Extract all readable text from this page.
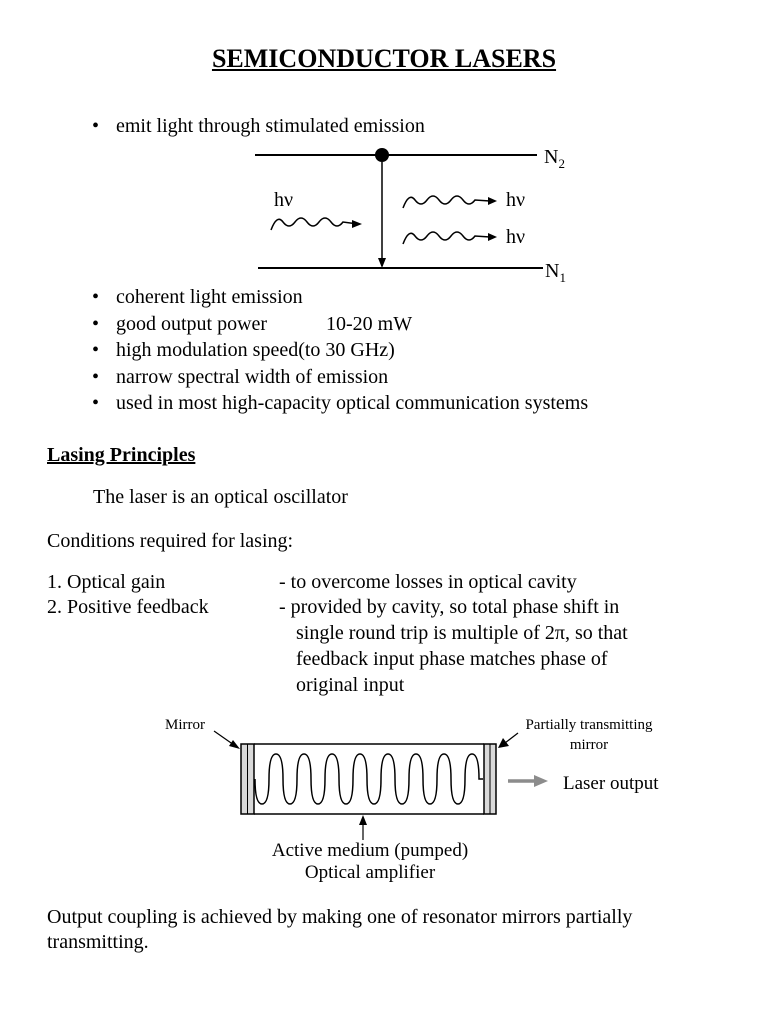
SEMICONDUCTOR LASERS
• emit light through stimulated emission
$N_2$
$N_1$
hν	hν
hν
• coherent light emission
• good output power	10-20 mW
• high modulation speed(to 30 GHz)
• narrow spectral width of emission
• used in most high-capacity optical communication systems
Lasing Principles
The laser is an optical oscillator
Conditions required for lasing:
1. Optical gain	- to overcome losses in optical cavity
2. Positive feedback	- provided by cavity, so total phase shift in
single round trip is multiple of 2π, so that
feedback input phase matches phase of
original input
Mirror	Partially transmitting
mirror
Laser output
Active medium (pumped)
Optical amplifier
Output coupling is achieved by making one of resonator mirrors partially
transmitting.
